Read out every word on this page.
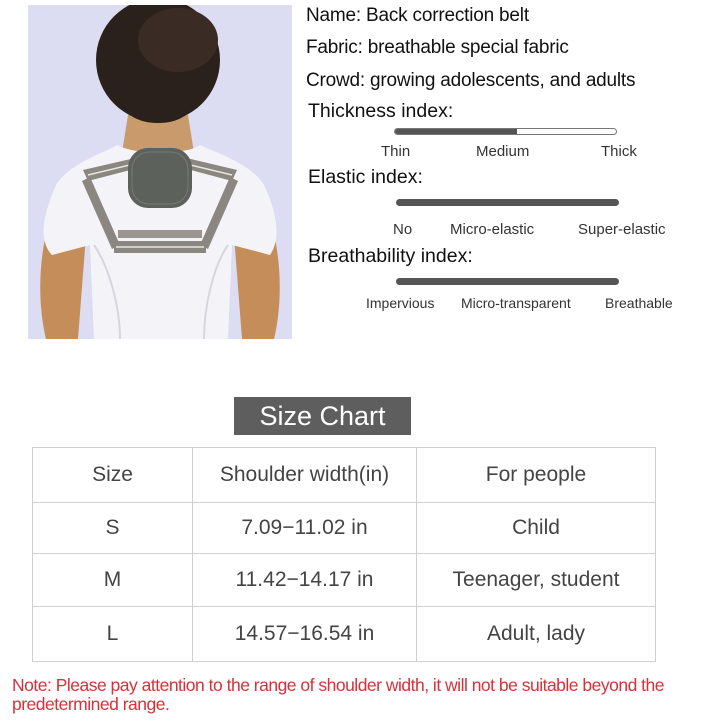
Name: Back correction belt
Fabric: breathable special fabric
Crowd: growing adolescents, and adults
Thickness index:
Thin	Medium	Thick
Elastic index:
No	Micro-elastic	Super-elastic
Breathability index:
Impervious Micro-transparent Breathable
Size Chart
Size	Shoulder width(in)	For people
S	7.09−11.02 in	Child
M	11.42−14.17 in	Teenager, student
L	14.57−16.54 in	Adult, lady
Note: Please pay attention to the range of shoulder width, it will not be suitable beyond the predetermined range.
